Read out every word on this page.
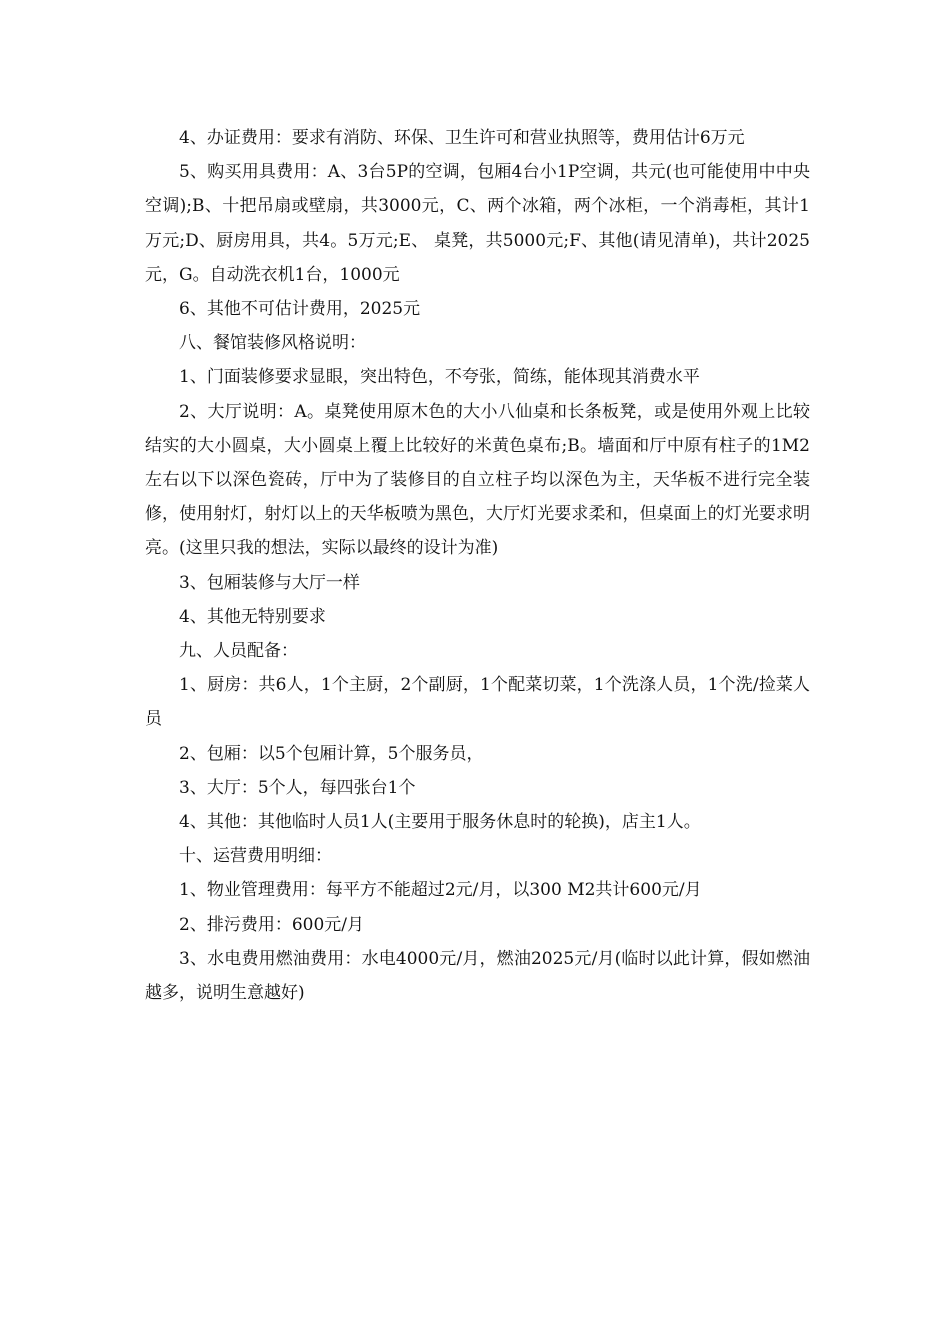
4、办证费用：要求有消防、环保、卫生许可和营业执照等，费用估计6万元

5、购买用具费用：A、3台5P的空调，包厢4台小1P空调，共元(也可能使用中中央空调);B、十把吊扇或壁扇，共3000元，C、两个冰箱，两个冰柜，一个消毒柜，其计1万元;D、厨房用具，共4。5万元;E、 桌凳，共5000元;F、其他(请见清单)，共计2025元，G。自动洗衣机1台，1000元

6、其他不可估计费用，2025元

八、餐馆装修风格说明：

1、门面装修要求显眼，突出特色，不夸张，简练，能体现其消费水平

2、大厅说明：A。桌凳使用原木色的大小八仙桌和长条板凳，或是使用外观上比较结实的大小圆桌，大小圆桌上覆上比较好的米黄色桌布;B。墙面和厅中原有柱子的1M2左右以下以深色瓷砖，厅中为了装修目的自立柱子均以深色为主，天华板不进行完全装修，使用射灯，射灯以上的天华板喷为黑色，大厅灯光要求柔和，但桌面上的灯光要求明亮。(这里只我的想法，实际以最终的设计为准)

3、包厢装修与大厅一样

4、其他无特别要求

九、人员配备：

1、厨房：共6人，1个主厨，2个副厨，1个配菜切菜，1个洗涤人员，1个洗/捡菜人员

2、包厢：以5个包厢计算，5个服务员，

3、大厅：5个人，每四张台1个

4、其他：其他临时人员1人(主要用于服务休息时的轮换)，店主1人。

十、运营费用明细：

1、物业管理费用：每平方不能超过2元/月，以300 M2共计600元/月

2、排污费用：600元/月

3、水电费用燃油费用：水电4000元/月，燃油2025元/月(临时以此计算，假如燃油越多，说明生意越好)
